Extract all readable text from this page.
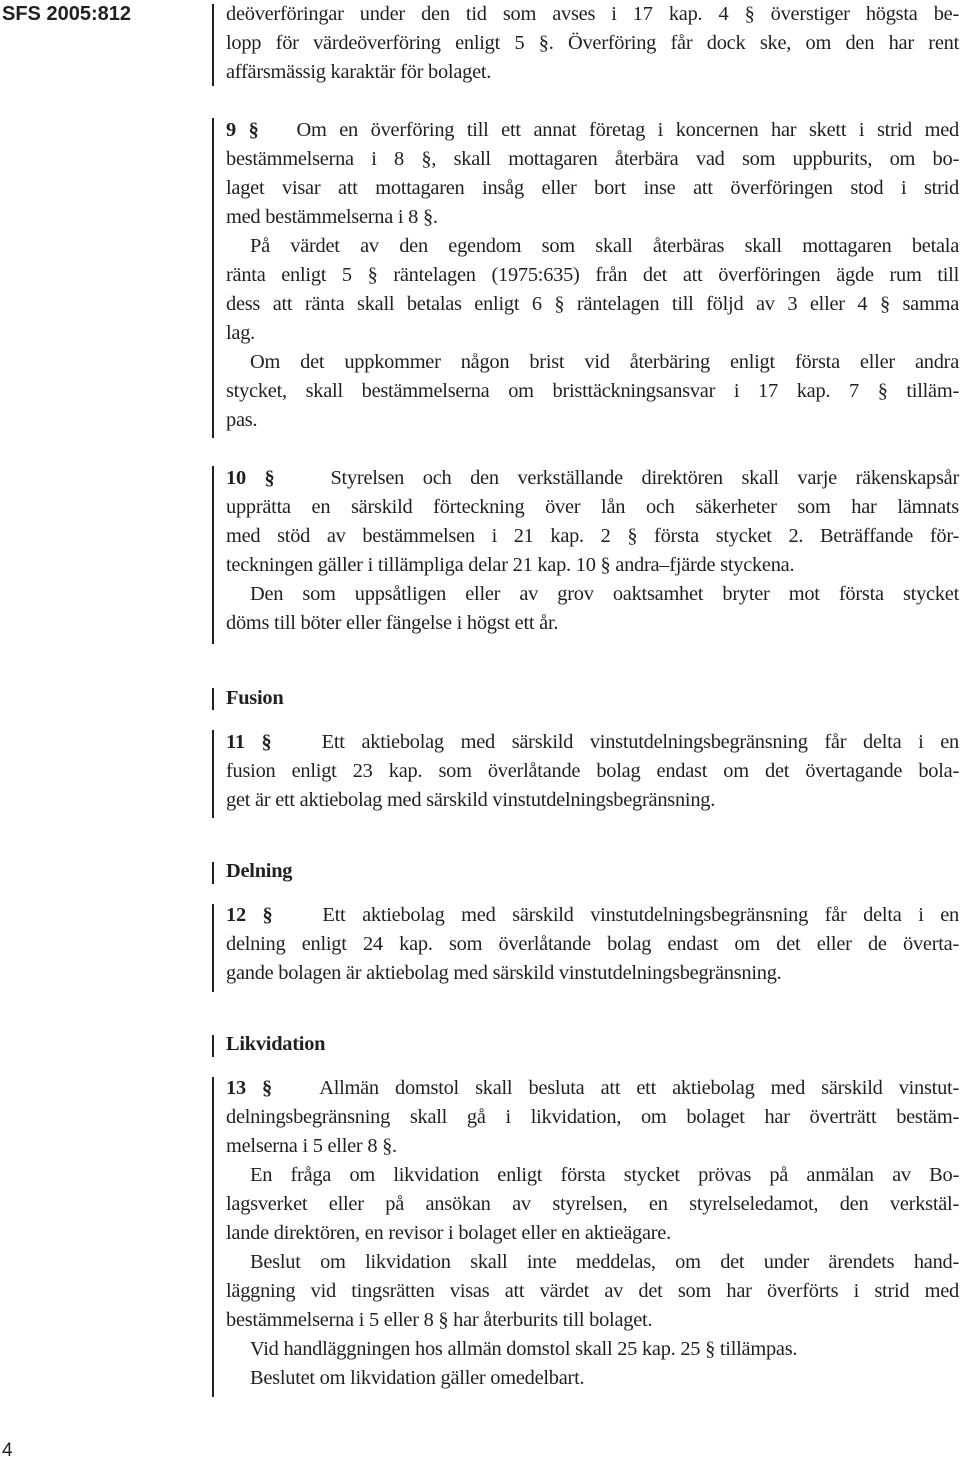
SFS 2005:812
4
deöverföringar under den tid som avses i 17 kap. 4 § överstiger högsta be-
lopp för värdeöverföring enligt 5 §. Överföring får dock ske, om den har rent
affärsmässig karaktär för bolaget.
9 § Om en överföring till ett annat företag i koncernen har skett i strid med
bestämmelserna i 8 §, skall mottagaren återbära vad som uppburits, om bo-
laget visar att mottagaren insåg eller bort inse att överföringen stod i strid
med bestämmelserna i 8 §.
På värdet av den egendom som skall återbäras skall mottagaren betala
ränta enligt 5 § räntelagen (1975:635) från det att överföringen ägde rum till
dess att ränta skall betalas enligt 6 § räntelagen till följd av 3 eller 4 § samma
lag.
Om det uppkommer någon brist vid återbäring enligt första eller andra
stycket, skall bestämmelserna om bristtäckningsansvar i 17 kap. 7 § tilläm-
pas.
10 §	Styrelsen och den verkställande direktören skall varje räkenskapsår
upprätta en särskild förteckning över lån och säkerheter som har lämnats
med stöd av bestämmelsen i 21 kap. 2 § första stycket 2. Beträffande för-
teckningen gäller i tillämpliga delar 21 kap. 10 § andra–fjärde styckena.
Den som uppsåtligen eller av grov oaktsamhet bryter mot första stycket
döms till böter eller fängelse i högst ett år.
Fusion
11 § Ett aktiebolag med särskild vinstutdelningsbegränsning får delta i en
fusion enligt 23 kap. som överlåtande bolag endast om det övertagande bola-
get är ett aktiebolag med särskild vinstutdelningsbegränsning.
Delning
12 § Ett aktiebolag med särskild vinstutdelningsbegränsning får delta i en
delning enligt 24 kap. som överlåtande bolag endast om det eller de överta-
gande bolagen är aktiebolag med särskild vinstutdelningsbegränsning.
Likvidation
13 § Allmän domstol skall besluta att ett aktiebolag med särskild vinstut-
delningsbegränsning skall gå i likvidation, om bolaget har överträtt bestäm-
melserna i 5 eller 8 §.
En fråga om likvidation enligt första stycket prövas på anmälan av Bo-
lagsverket eller på ansökan av styrelsen, en styrelseledamot, den verkstäl-
lande direktören, en revisor i bolaget eller en aktieägare.
Beslut om likvidation skall inte meddelas, om det under ärendets hand-
läggning vid tingsrätten visas att värdet av det som har överförts i strid med
bestämmelserna i 5 eller 8 § har återburits till bolaget.
Vid handläggningen hos allmän domstol skall 25 kap. 25 § tillämpas.
Beslutet om likvidation gäller omedelbart.
